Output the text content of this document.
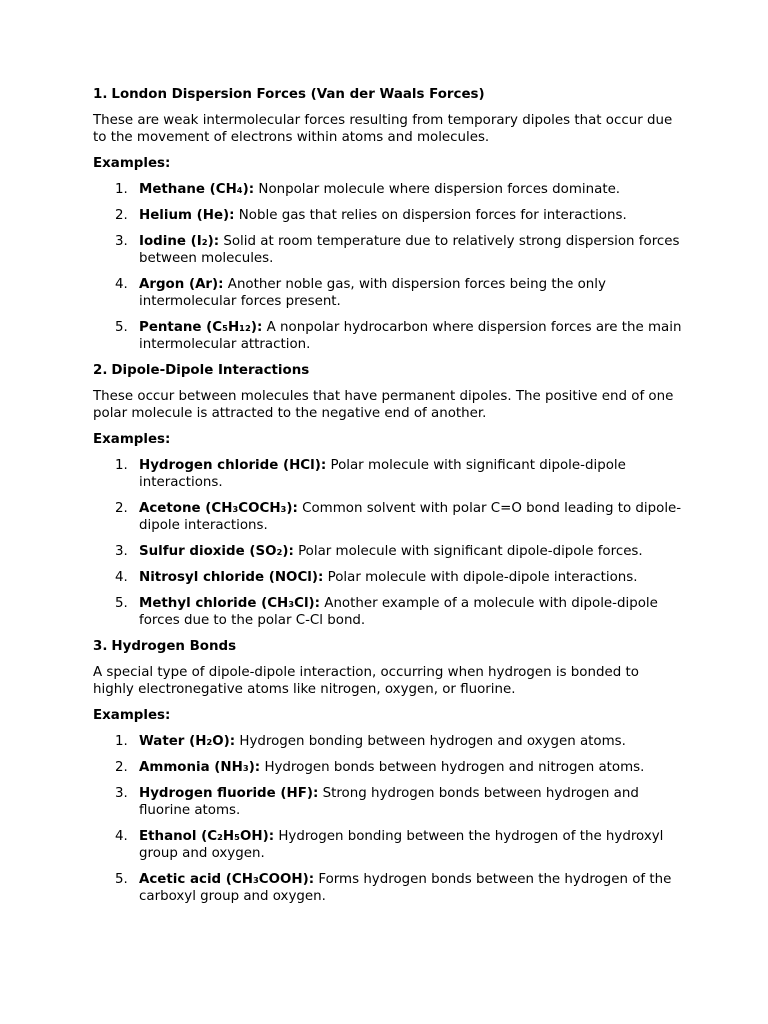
1. London Dispersion Forces (Van der Waals Forces)

These are weak intermolecular forces resulting from temporary dipoles that occur due to the movement of electrons within atoms and molecules.

Examples:

1. Methane (CH₄): Nonpolar molecule where dispersion forces dominate.
2. Helium (He): Noble gas that relies on dispersion forces for interactions.
3. Iodine (I₂): Solid at room temperature due to relatively strong dispersion forces between molecules.
4. Argon (Ar): Another noble gas, with dispersion forces being the only intermolecular forces present.
5. Pentane (C₅H₁₂): A nonpolar hydrocarbon where dispersion forces are the main intermolecular attraction.
2. Dipole-Dipole Interactions

These occur between molecules that have permanent dipoles. The positive end of one polar molecule is attracted to the negative end of another.

Examples:

1. Hydrogen chloride (HCl): Polar molecule with significant dipole-dipole interactions.
2. Acetone (CH₃COCH₃): Common solvent with polar C=O bond leading to dipole-dipole interactions.
3. Sulfur dioxide (SO₂): Polar molecule with significant dipole-dipole forces.
4. Nitrosyl chloride (NOCl): Polar molecule with dipole-dipole interactions.
5. Methyl chloride (CH₃Cl): Another example of a molecule with dipole-dipole forces due to the polar C-Cl bond.
3. Hydrogen Bonds

A special type of dipole-dipole interaction, occurring when hydrogen is bonded to highly electronegative atoms like nitrogen, oxygen, or fluorine.

Examples:

1. Water (H₂O): Hydrogen bonding between hydrogen and oxygen atoms.
2. Ammonia (NH₃): Hydrogen bonds between hydrogen and nitrogen atoms.
3. Hydrogen fluoride (HF): Strong hydrogen bonds between hydrogen and fluorine atoms.
4. Ethanol (C₂H₅OH): Hydrogen bonding between the hydrogen of the hydroxyl group and oxygen.
5. Acetic acid (CH₃COOH): Forms hydrogen bonds between the hydrogen of the carboxyl group and oxygen.
